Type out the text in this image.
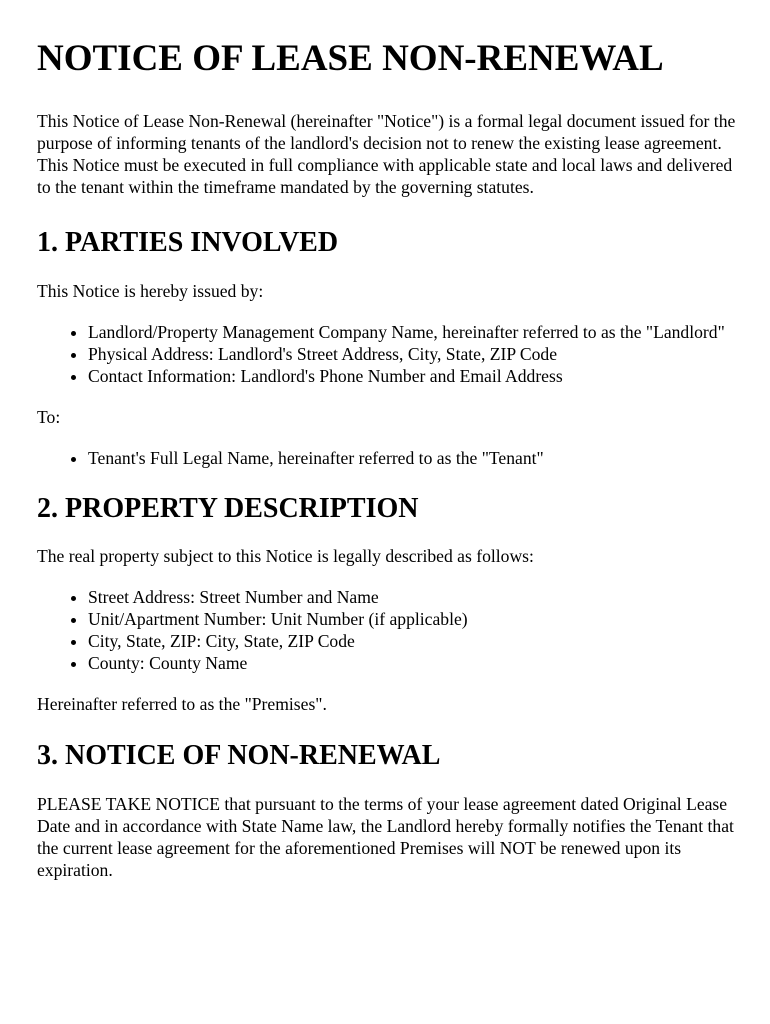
NOTICE OF LEASE NON-RENEWAL

This Notice of Lease Non-Renewal (hereinafter "Notice") is a formal legal document issued for the purpose of informing tenants of the landlord's decision not to renew the existing lease agreement. This Notice must be executed in full compliance with applicable state and local laws and delivered to the tenant within the timeframe mandated by the governing statutes.

1. PARTIES INVOLVED

This Notice is hereby issued by:

• Landlord/Property Management Company Name, hereinafter referred to as the "Landlord"
• Physical Address: Landlord's Street Address, City, State, ZIP Code
• Contact Information: Landlord's Phone Number and Email Address

To:

• Tenant's Full Legal Name, hereinafter referred to as the "Tenant"
2. PROPERTY DESCRIPTION

The real property subject to this Notice is legally described as follows:

• Street Address: Street Number and Name
• Unit/Apartment Number: Unit Number (if applicable)
• City, State, ZIP: City, State, ZIP Code
• County: County Name

Hereinafter referred to as the "Premises".

3. NOTICE OF NON-RENEWAL

PLEASE TAKE NOTICE that pursuant to the terms of your lease agreement dated Original Lease Date and in accordance with State Name law, the Landlord hereby formally notifies the Tenant that the current lease agreement for the aforementioned Premises will NOT be renewed upon its expiration.
